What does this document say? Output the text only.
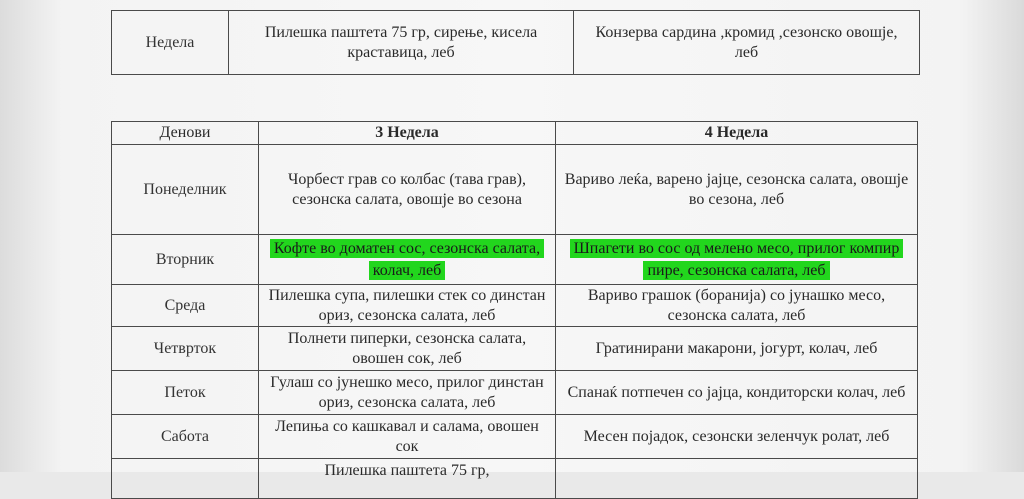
Недела	Пилешка паштета 75 гр, сирење, кисела краставица, леб	Конзерва сардина ,кромид ,сезонско овошје, леб
Денови	3 Недела	4 Недела
Понеделник	Чорбест грав со колбас (тава грав), сезонска салата, овошје во сезона	Вариво леќа, варено јајце, сезонска салата, овошје во сезона, леб
Вторник	Кофте во доматен сос, сезонска салата, колач, леб	Шпагети во сос од мелено месо, прилог компир пире, сезонска салата, леб
Среда	Пилешка супа, пилешки стек со динстан ориз, сезонска салата, леб	Вариво грашок (боранија) со јунашко месо, сезонска салата, леб
Четврток	Полнети пиперки, сезонска салата, овошен сок, леб	Гратинирани макарони, јогурт, колач, леб
Петок	Гулаш со јунешко месо, прилог динстан ориз, сезонска салата, леб	Спанаќ потпечен со јајца, кондиторски колач, леб
Сабота	Лепиња со кашкавал и салама, овошен сок	Месен појадок, сезонски зеленчук ролат, леб
	Пилешка паштета 75 гр,	
